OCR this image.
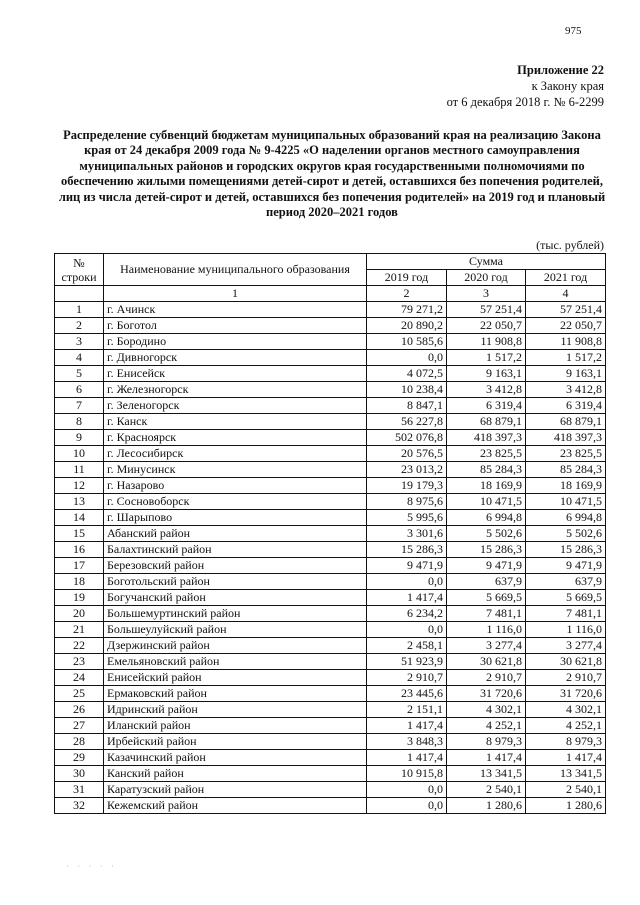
975
Приложение 22
к Закону края
от 6 декабря 2018 г. № 6-2299
Распределение субвенций бюджетам муниципальных образований края на реализацию Закона края от 24 декабря 2009 года № 9-4225 «О наделении органов местного самоуправления муниципальных районов и городских округов края государственными полномочиями по обеспечению жилыми помещениями детей-сирот и детей, оставшихся без попечения родителей, лиц из числа детей-сирот и детей, оставшихся без попечения родителей» на 2019 год и плановый период 2020–2021 годов
(тыс. рублей)
№
строки	Наименование муниципального образования	Сумма		
		2019 год	2020 год	2021 год
	1	2	3	4
1	г. Ачинск	79 271,2	57 251,4	57 251,4
2	г. Боготол	20 890,2	22 050,7	22 050,7
3	г. Бородино	10 585,6	11 908,8	11 908,8
4	г. Дивногорск	0,0	1 517,2	1 517,2
5	г. Енисейск	4 072,5	9 163,1	9 163,1
6	г. Железногорск	10 238,4	3 412,8	3 412,8
7	г. Зеленогорск	8 847,1	6 319,4	6 319,4
8	г. Канск	56 227,8	68 879,1	68 879,1
9	г. Красноярск	502 076,8	418 397,3	418 397,3
10	г. Лесосибирск	20 576,5	23 825,5	23 825,5
11	г. Минусинск	23 013,2	85 284,3	85 284,3
12	г. Назарово	19 179,3	18 169,9	18 169,9
13	г. Сосновоборск	8 975,6	10 471,5	10 471,5
14	г. Шарыпово	5 995,6	6 994,8	6 994,8
15	Абанский район	3 301,6	5 502,6	5 502,6
16	Балахтинский район	15 286,3	15 286,3	15 286,3
17	Березовский район	9 471,9	9 471,9	9 471,9
18	Боготольский район	0,0	637,9	637,9
19	Богучанский район	1 417,4	5 669,5	5 669,5
20	Большемуртинский район	6 234,2	7 481,1	7 481,1
21	Большеулуйский район	0,0	1 116,0	1 116,0
22	Дзержинский район	2 458,1	3 277,4	3 277,4
23	Емельяновский район	51 923,9	30 621,8	30 621,8
24	Енисейский район	2 910,7	2 910,7	2 910,7
25	Ермаковский район	23 445,6	31 720,6	31 720,6
26	Идринский район	2 151,1	4 302,1	4 302,1
27	Иланский район	1 417,4	4 252,1	4 252,1
28	Ирбейский район	3 848,3	8 979,3	8 979,3
29	Казачинский район	1 417,4	1 417,4	1 417,4
30	Канский район	10 915,8	13 341,5	13 341,5
31	Каратузский район	0,0	2 540,1	2 540,1
32	Кежемский район	0,0	1 280,6	1 280,6
· · · · ·
